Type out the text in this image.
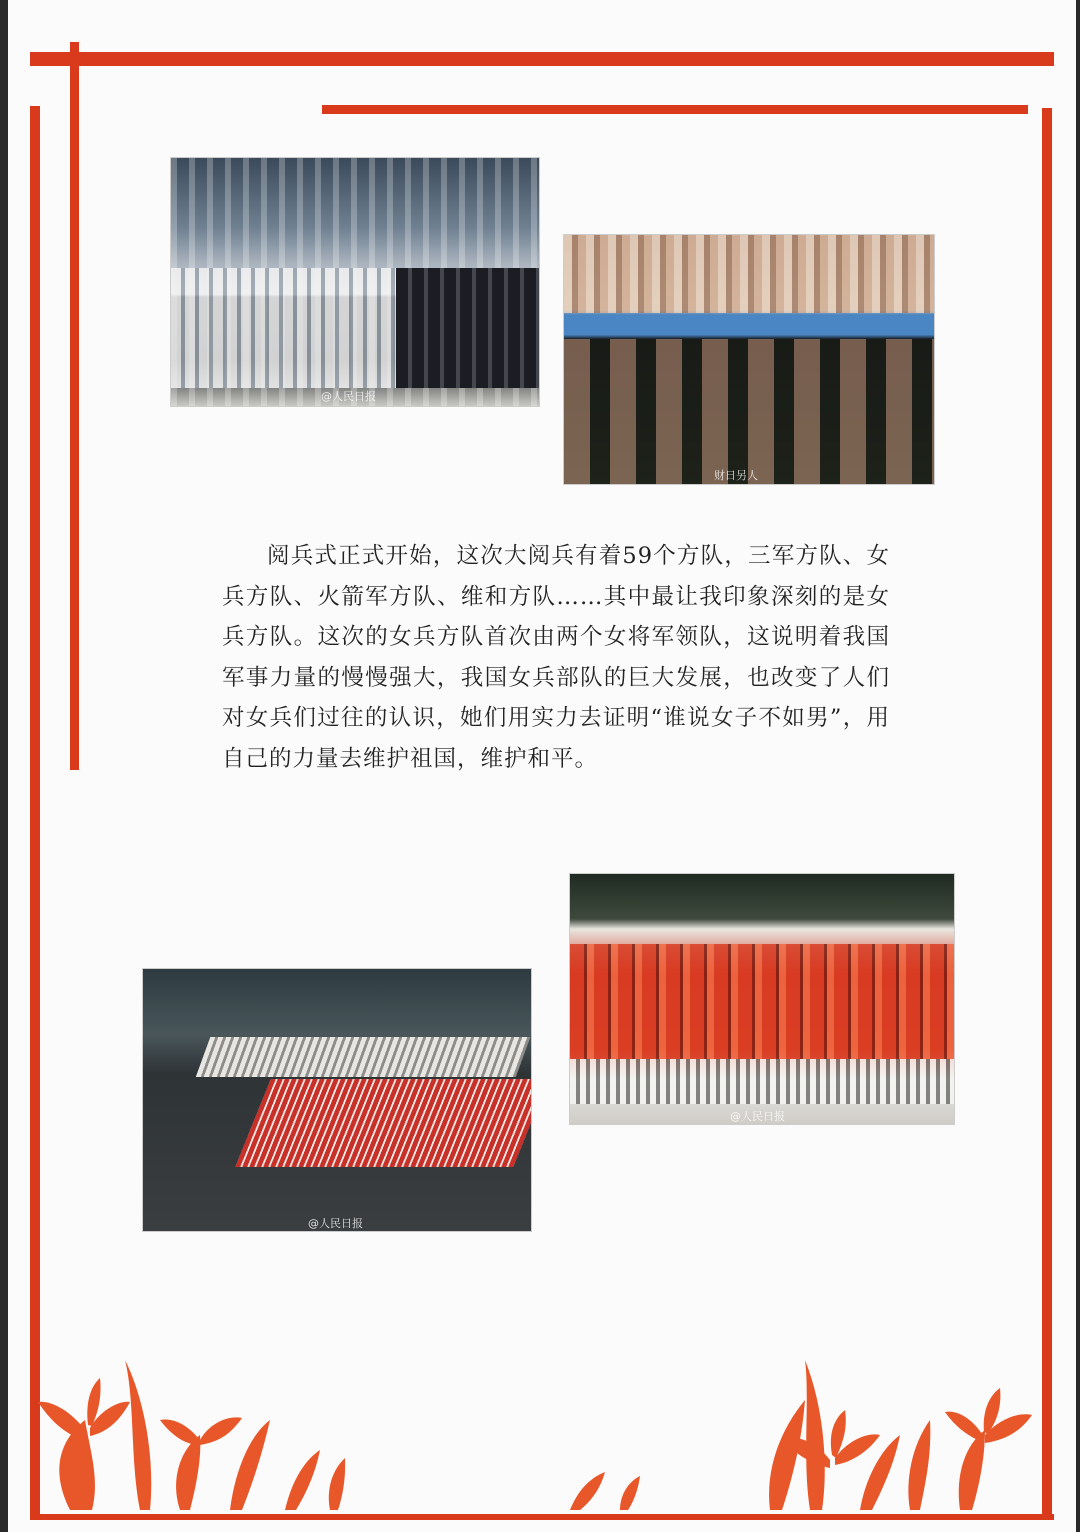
@人民日报
财日另人

阅兵式正式开始，这次大阅兵有着59个方队，三军方队、女兵方队、火箭军方队、维和方队……其中最让我印象深刻的是女兵方队。这次的女兵方队首次由两个女将军领队，这说明着我国军事力量的慢慢强大，我国女兵部队的巨大发展，也改变了人们对女兵们过往的认识，她们用实力去证明“谁说女子不如男”，用自己的力量去维护祖国，维护和平。

@人民日报
@人民日报
